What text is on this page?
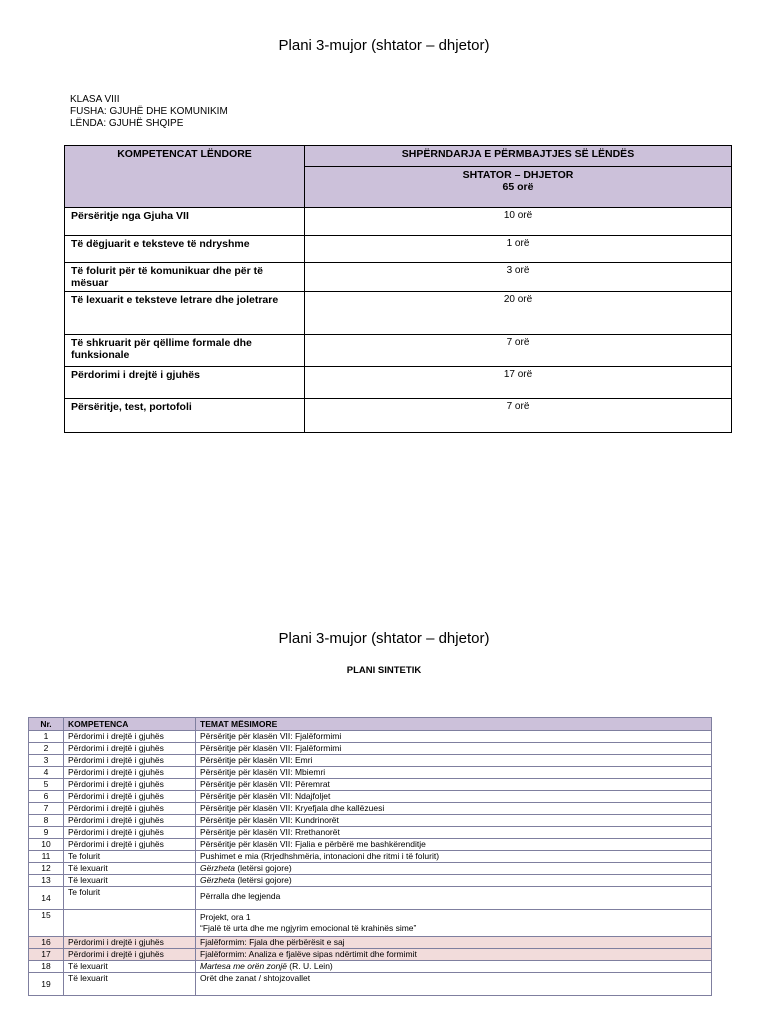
Plani 3-mujor (shtator – dhjetor)
KLASA VIII
FUSHA: GJUHË DHE KOMUNIKIM
LËNDA: GJUHË SHQIPE
KOMPETENCAT LËNDORE	SHPËRNDARJA E PËRMBAJTJES SË LËNDËS

	SHTATOR – DHJETOR
65 orë

Përsëritje nga Gjuha VII	10 orë
Të dëgjuarit e teksteve të ndryshme	1 orë
Të folurit për të komunikuar dhe për të mësuar	3 orë
Të lexuarit e teksteve letrare dhe joletrare	20 orë
Të shkruarit për qëllime formale dhe funksionale	7 orë
Përdorimi i drejtë i gjuhës	17 orë
Përsëritje, test, portofoli	7 orë
Plani 3-mujor (shtator – dhjetor)
PLANI SINTETIK
Nr.	KOMPETENCA	TEMAT MËSIMORE
1	Përdorimi i drejtë i gjuhës	Përsëritje për klasën VII: Fjalëformimi
2	Përdorimi i drejtë i gjuhës	Përsëritje për klasën VII: Fjalëformimi
3	Përdorimi i drejtë i gjuhës	Përsëritje për klasën VII: Emri
4	Përdorimi i drejtë i gjuhës	Përsëritje për klasën VII: Mbiemri
5	Përdorimi i drejtë i gjuhës	Përsëritje për klasën VII: Përemrat
6	Përdorimi i drejtë i gjuhës	Përsëritje për klasën VII: Ndajfoljet
7	Përdorimi i drejtë i gjuhës	Përsëritje për klasën VII: Kryefjala dhe kallëzuesi
8	Përdorimi i drejtë i gjuhës	Përsëritje për klasën VII: Kundrinorët
9	Përdorimi i drejtë i gjuhës	Përsëritje për klasën VII: Rrethanorët
10	Përdorimi i drejtë i gjuhës	Përsëritje për klasën VII: Fjalia e përbërë me bashkërenditje
11	Te folurit	Pushimet e mia (Rrjedhshmëria, intonacioni dhe ritmi i të folurit)
12	Të lexuarit	Gërzheta (letërsi gojore)
13	Të lexuarit	Gërzheta (letërsi gojore)
14	Te folurit	Përralla dhe legjenda
15		Projekt, ora 1
“Fjalë të urta dhe me ngjyrim emocional të krahinës sime”

16	Përdorimi i drejtë i gjuhës	Fjalëformim: Fjala dhe përbërësit e saj
17	Përdorimi i drejtë i gjuhës	Fjalëformim: Analiza e fjalëve sipas ndërtimit dhe formimit
18	Të lexuarit	Martesa me orën zonjë (R. U. Lein)
19	Të lexuarit	Orët dhe zanat / shtojzovallet
